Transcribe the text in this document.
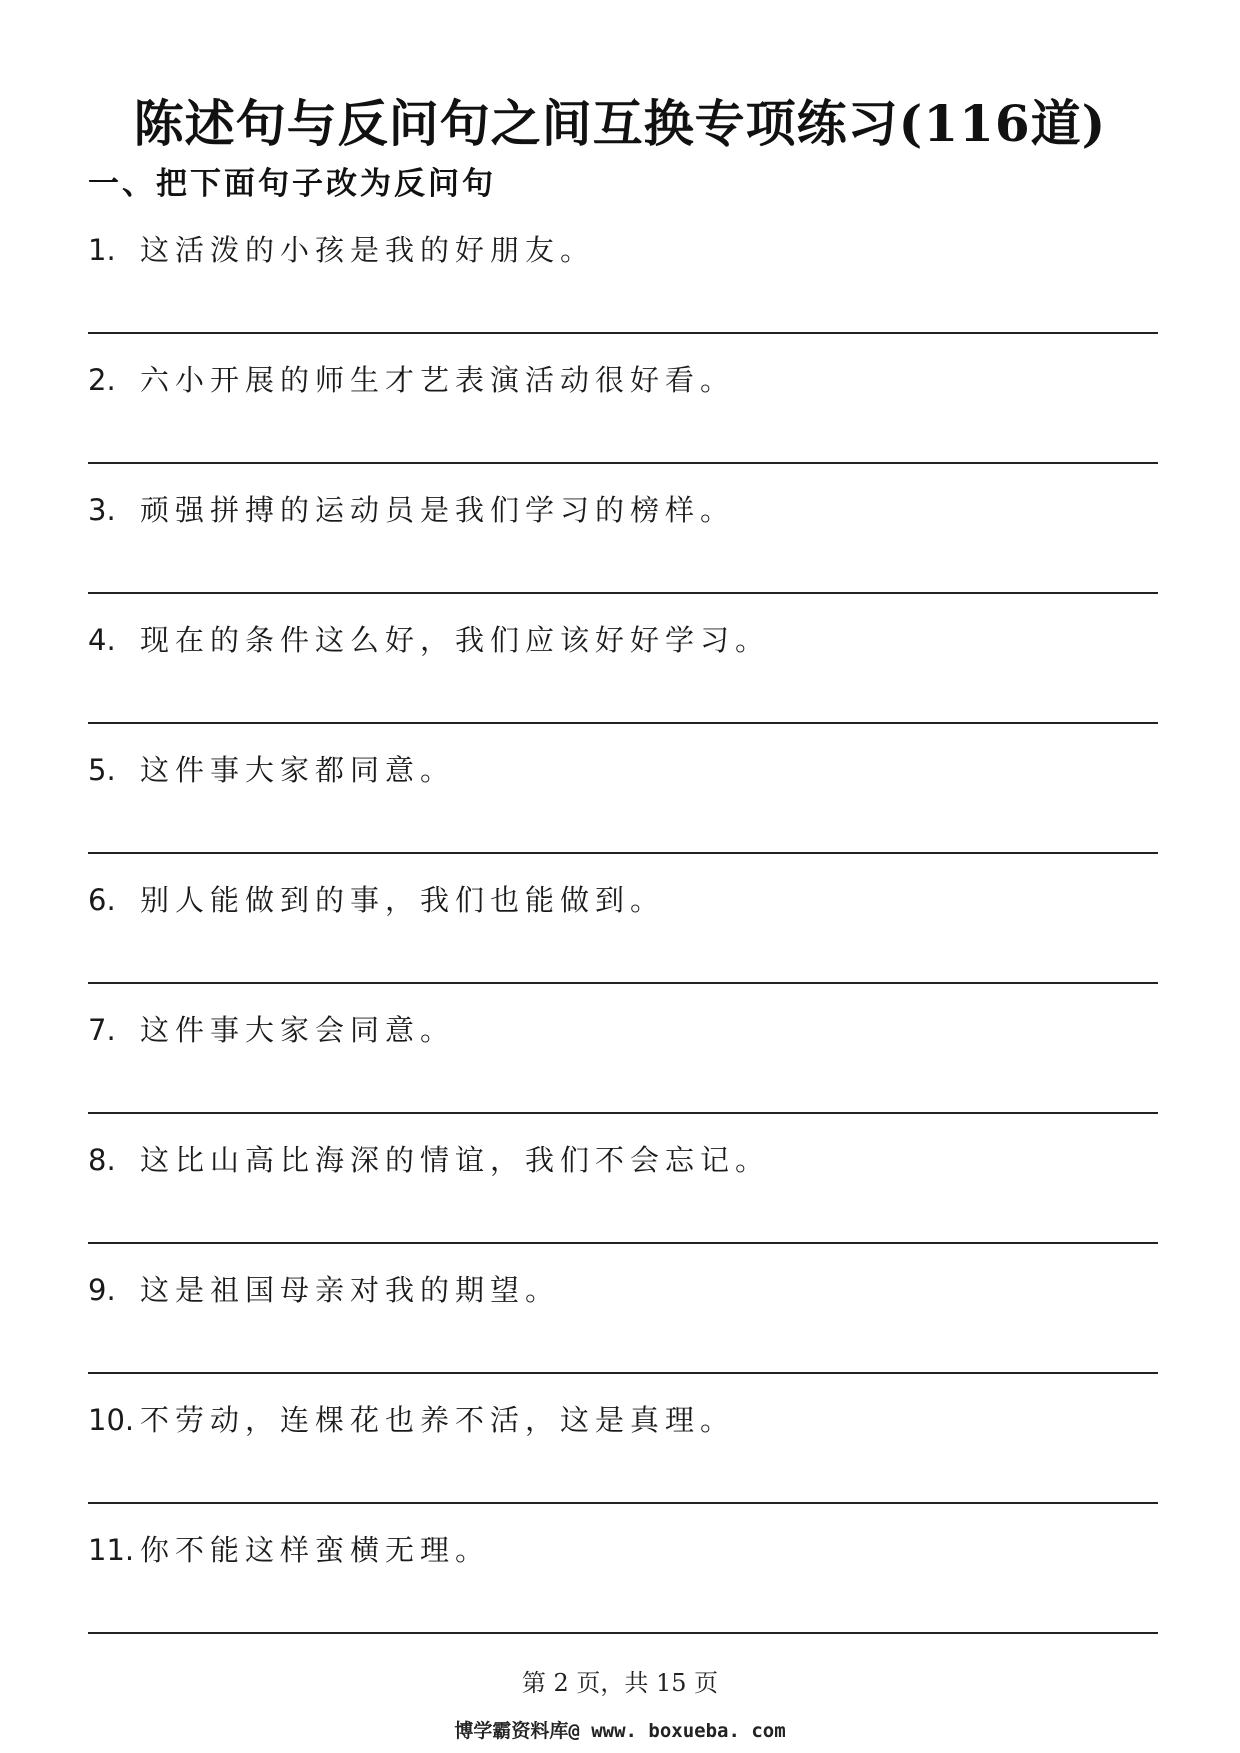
陈述句与反问句之间互换专项练习(116道)
一、把下面句子改为反问句
1. 这活泼的小孩是我的好朋友。
2. 六小开展的师生才艺表演活动很好看。
3. 顽强拼搏的运动员是我们学习的榜样。
4. 现在的条件这么好，我们应该好好学习。
5. 这件事大家都同意。
6. 别人能做到的事，我们也能做到。
7. 这件事大家会同意。
8. 这比山高比海深的情谊，我们不会忘记。
9. 这是祖国母亲对我的期望。
10. 不劳动，连棵花也养不活，这是真理。
11. 你不能这样蛮横无理。
第 2 页，共 15 页
博学霸资料库@ www. boxueba. com
